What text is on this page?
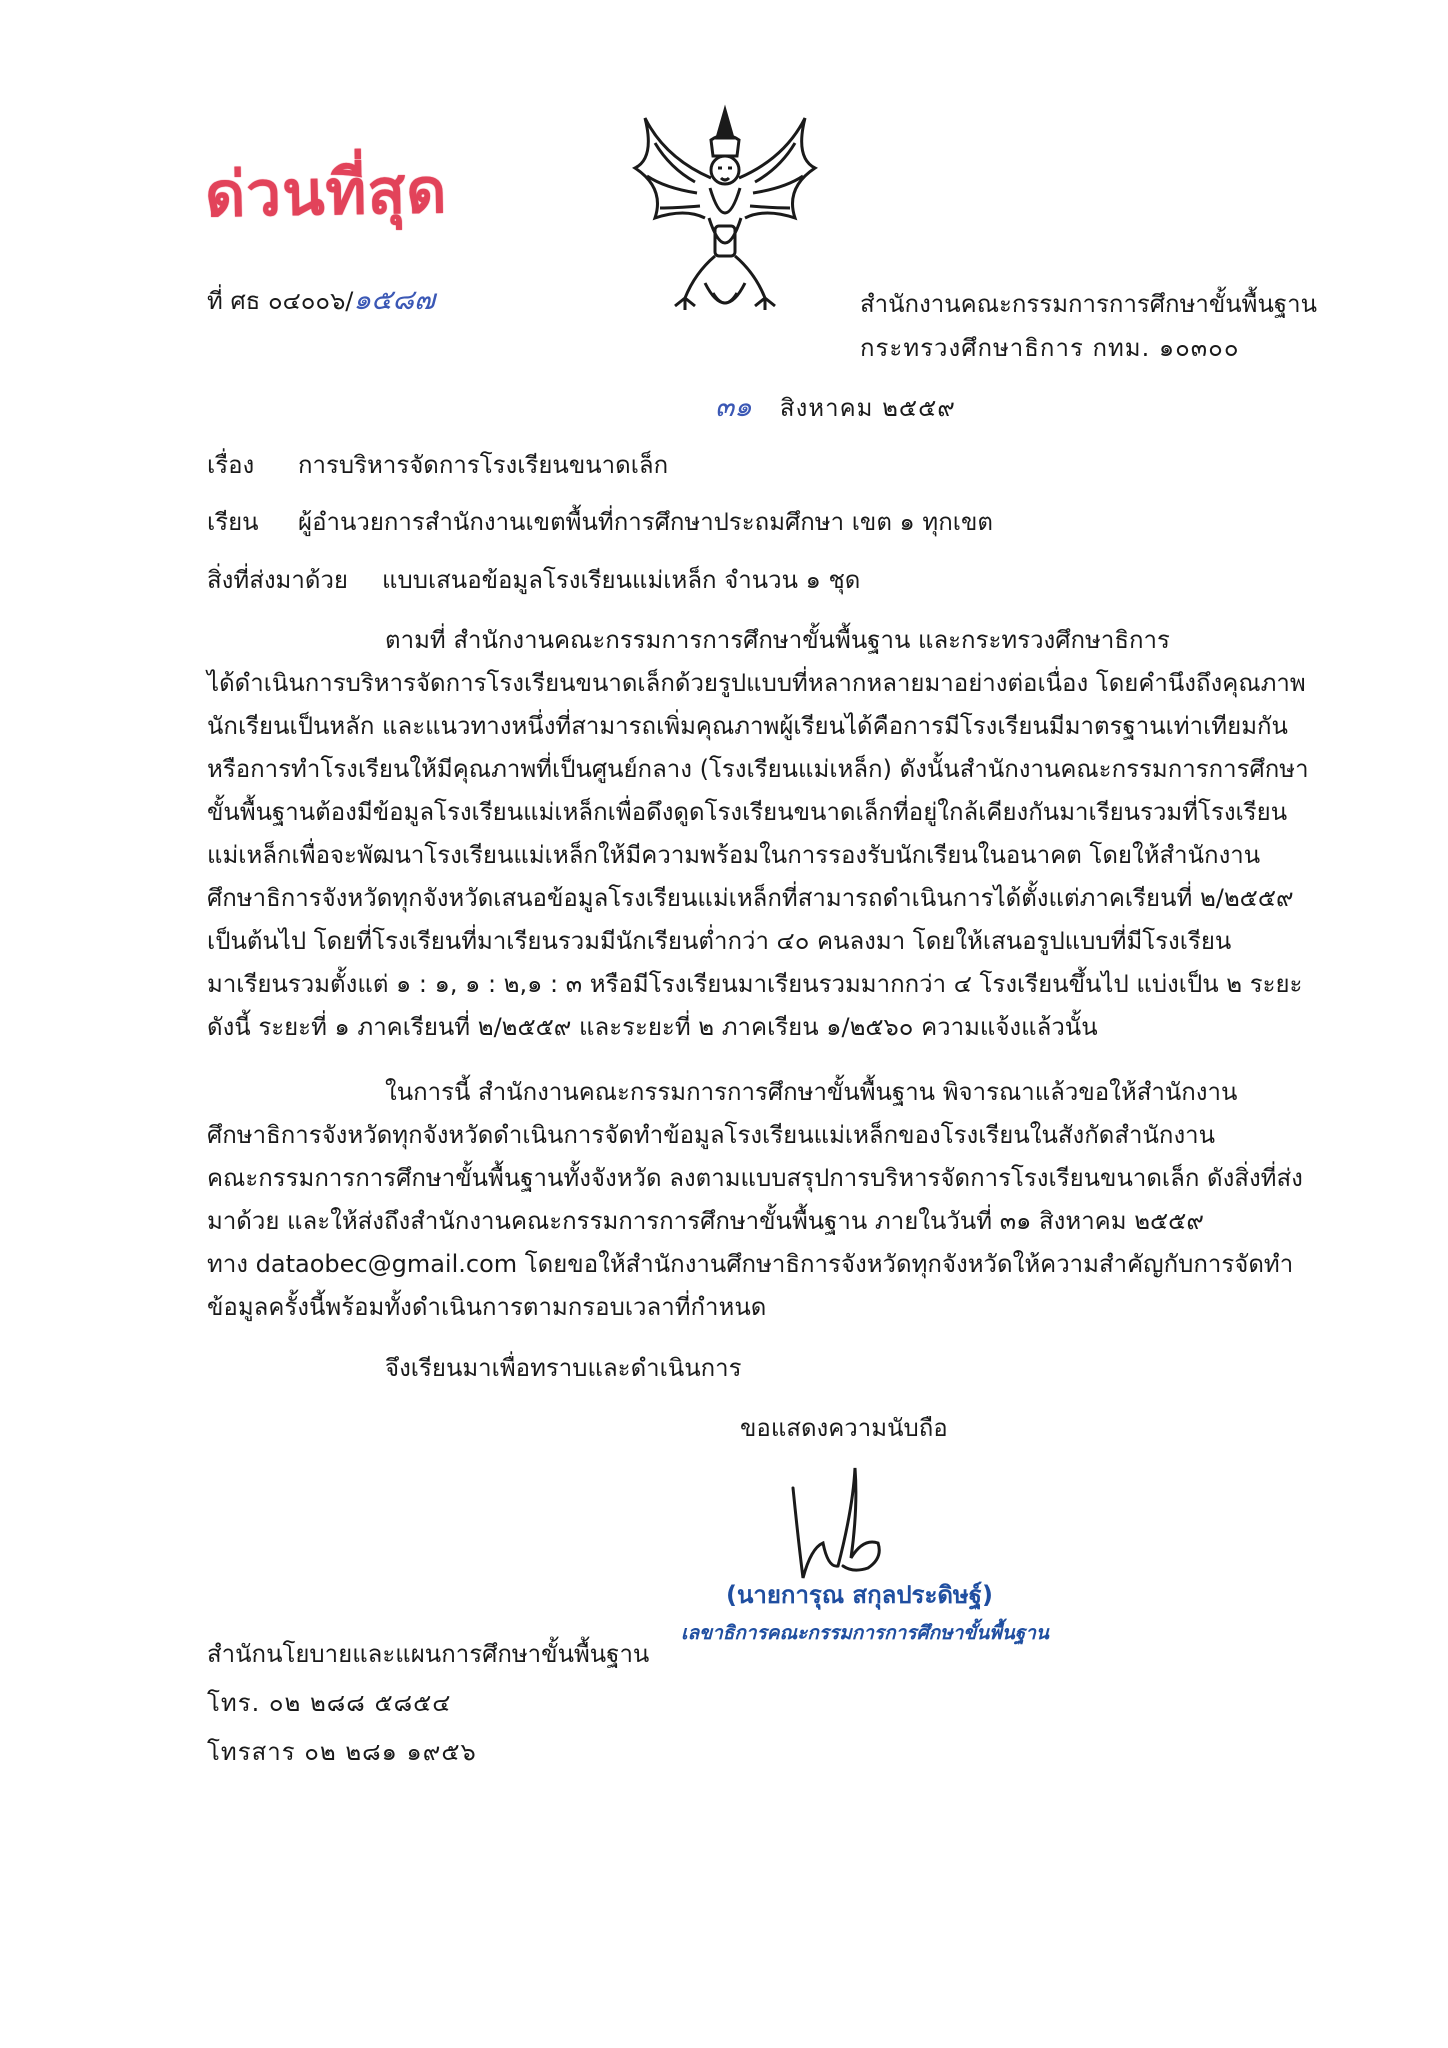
ด่วนที่สุด
ที่ ศธ ๐๔๐๐๖/๑๕๘๗	สำนักงานคณะกรรมการการศึกษาขั้นพื้นฐาน
กระทรวงศึกษาธิการ กทม. ๑๐๓๐๐
๓๑ สิงหาคม ๒๕๕๙
เรื่อง การบริหารจัดการโรงเรียนขนาดเล็ก
เรียน ผู้อำนวยการสำนักงานเขตพื้นที่การศึกษาประถมศึกษา เขต ๑ ทุกเขต
สิ่งที่ส่งมาด้วย แบบเสนอข้อมูลโรงเรียนแม่เหล็ก จำนวน ๑ ชุด
ตามที่ สำนักงานคณะกรรมการการศึกษาขั้นพื้นฐาน และกระทรวงศึกษาธิการ
ได้ดำเนินการบริหารจัดการโรงเรียนขนาดเล็กด้วยรูปแบบที่หลากหลายมาอย่างต่อเนื่อง โดยคำนึงถึงคุณภาพ
นักเรียนเป็นหลัก และแนวทางหนึ่งที่สามารถเพิ่มคุณภาพผู้เรียนได้คือการมีโรงเรียนมีมาตรฐานเท่าเทียมกัน
หรือการทำโรงเรียนให้มีคุณภาพที่เป็นศูนย์กลาง (โรงเรียนแม่เหล็ก) ดังนั้นสำนักงานคณะกรรมการการศึกษา
ขั้นพื้นฐานต้องมีข้อมูลโรงเรียนแม่เหล็กเพื่อดึงดูดโรงเรียนขนาดเล็กที่อยู่ใกล้เคียงกันมาเรียนรวมที่โรงเรียน
แม่เหล็กเพื่อจะพัฒนาโรงเรียนแม่เหล็กให้มีความพร้อมในการรองรับนักเรียนในอนาคต โดยให้สำนักงาน
ศึกษาธิการจังหวัดทุกจังหวัดเสนอข้อมูลโรงเรียนแม่เหล็กที่สามารถดำเนินการได้ตั้งแต่ภาคเรียนที่ ๒/๒๕๕๙
เป็นต้นไป โดยที่โรงเรียนที่มาเรียนรวมมีนักเรียนต่ำกว่า ๔๐ คนลงมา โดยให้เสนอรูปแบบที่มีโรงเรียน
มาเรียนรวมตั้งแต่ ๑ : ๑, ๑ : ๒,๑ : ๓ หรือมีโรงเรียนมาเรียนรวมมากกว่า ๔ โรงเรียนขึ้นไป แบ่งเป็น ๒ ระยะ
ดังนี้ ระยะที่ ๑ ภาคเรียนที่ ๒/๒๕๕๙ และระยะที่ ๒ ภาคเรียน ๑/๒๕๖๐ ความแจ้งแล้วนั้น
ในการนี้ สำนักงานคณะกรรมการการศึกษาขั้นพื้นฐาน พิจารณาแล้วขอให้สำนักงาน
ศึกษาธิการจังหวัดทุกจังหวัดดำเนินการจัดทำข้อมูลโรงเรียนแม่เหล็กของโรงเรียนในสังกัดสำนักงาน
คณะกรรมการการศึกษาขั้นพื้นฐานทั้งจังหวัด ลงตามแบบสรุปการบริหารจัดการโรงเรียนขนาดเล็ก ดังสิ่งที่ส่ง
มาด้วย และให้ส่งถึงสำนักงานคณะกรรมการการศึกษาขั้นพื้นฐาน ภายในวันที่ ๓๑ สิงหาคม ๒๕๕๙
ทาง dataobec@gmail.com โดยขอให้สำนักงานศึกษาธิการจังหวัดทุกจังหวัดให้ความสำคัญกับการจัดทำ
ข้อมูลครั้งนี้พร้อมทั้งดำเนินการตามกรอบเวลาที่กำหนด
จึงเรียนมาเพื่อทราบและดำเนินการ
ขอแสดงความนับถือ
(นายการุณ สกุลประดิษฐ์)
เลขาธิการคณะกรรมการการศึกษาขั้นพื้นฐาน
สำนักนโยบายและแผนการศึกษาขั้นพื้นฐาน
โทร. ๐๒ ๒๘๘ ๕๘๕๔
โทรสาร ๐๒ ๒๘๑ ๑๙๕๖
